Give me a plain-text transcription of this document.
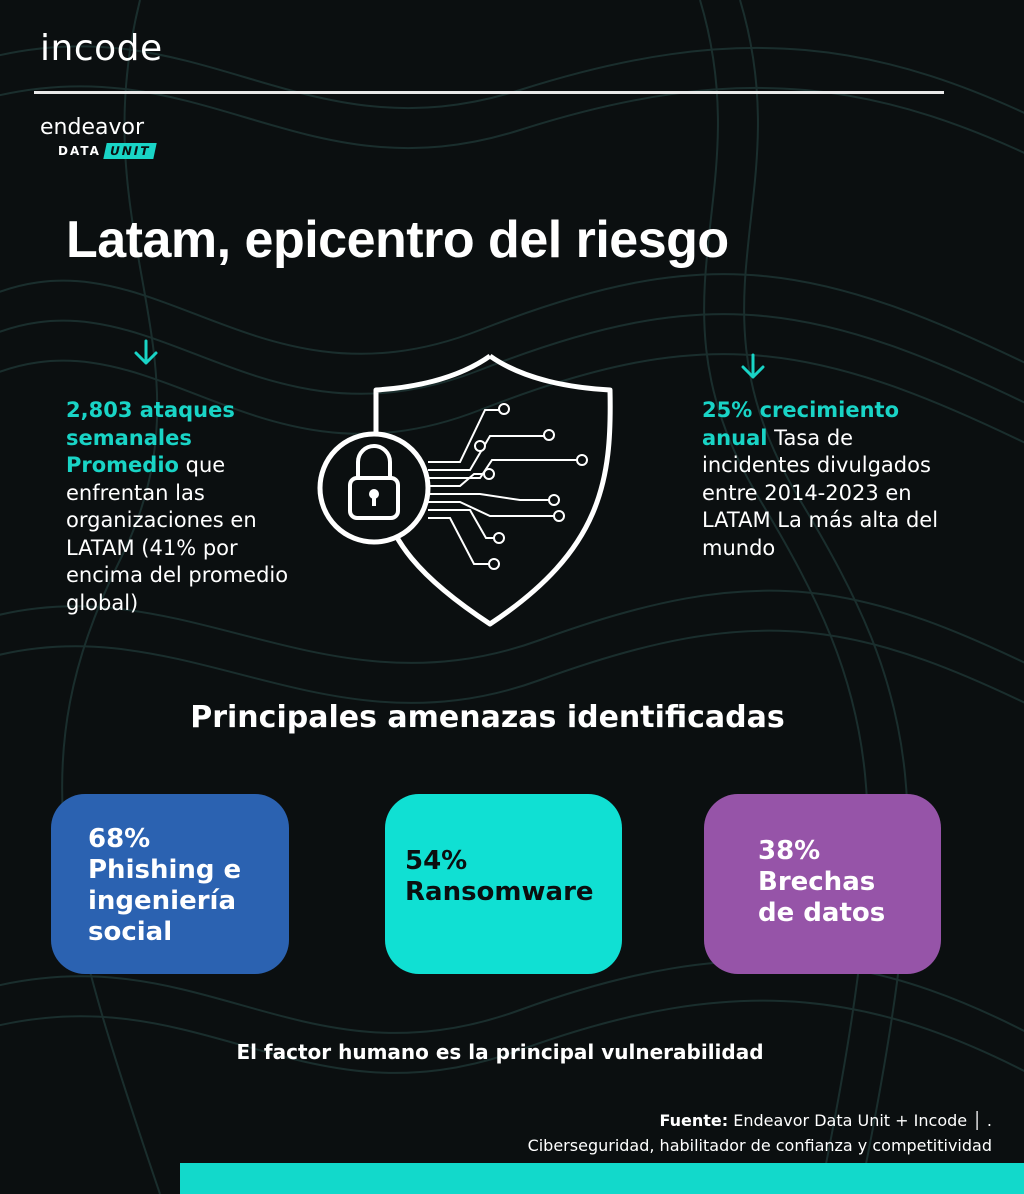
incode
endeavor
DATA UNIT
Latam, epicentro del riesgo
2,803 ataques semanales Promedio que enfrentan las organizaciones en LATAM (41% por encima del promedio global)
25% crecimiento anual Tasa de incidentes divulgados entre 2014-2023 en LATAM La más alta del mundo
Principales amenazas identificadas
68%
Phishing e ingeniería social
54%
Ransomware
38%
Brechas de datos
El factor humano es la principal vulnerabilidad
Fuente: Endeavor Data Unit + Incode │ .
Ciberseguridad, habilitador de confianza y competitividad
